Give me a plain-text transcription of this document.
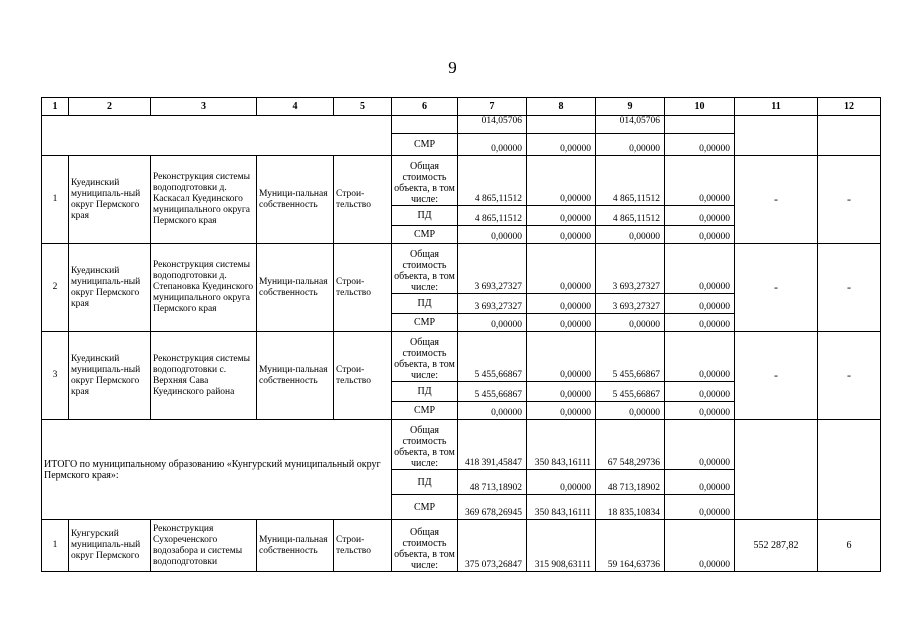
9
1	2	3	4	5	6	7	8	9	10	11	12
						014,05706		014,05706			
					СМР	0,00000	0,00000	0,00000	0,00000		
1	Куединский муниципаль-ный округ Пермского края	Реконструкция системы водоподготовки д. Каскасал Куединского муниципального округа Пермского края	Муници-пальная собственность	Строи-тельство	Общая стоимость объекта, в том числе:	4 865,11512	0,00000	4 865,11512	0,00000	-	-
					ПД	4 865,11512	0,00000	4 865,11512	0,00000		
					СМР	0,00000	0,00000	0,00000	0,00000		
2	Куединский муниципаль-ный округ Пермского края	Реконструкция системы водоподготовки д. Степановка Куединского муниципального округа Пермского края	Муници-пальная собственность	Строи-тельство	Общая стоимость объекта, в том числе:	3 693,27327	0,00000	3 693,27327	0,00000	-	-
					ПД	3 693,27327	0,00000	3 693,27327	0,00000		
					СМР	0,00000	0,00000	0,00000	0,00000		
3	Куединский муниципаль-ный округ Пермского края	Реконструкция системы водоподготовки с. Верхняя Сава Куединского района	Муници-пальная собственность	Строи-тельство	Общая стоимость объекта, в том числе:	5 455,66867	0,00000	5 455,66867	0,00000	-	-
					ПД	5 455,66867	0,00000	5 455,66867	0,00000		
					СМР	0,00000	0,00000	0,00000	0,00000		
ИТОГО по муниципальному образованию «Кунгурский муниципальный округ Пермского края»:					Общая стоимость объекта, в том числе:	418 391,45847	350 843,16111	67 548,29736	0,00000		
					ПД	48 713,18902	0,00000	48 713,18902	0,00000		
					СМР	369 678,26945	350 843,16111	18 835,10834	0,00000		
1	Кунгурский муниципаль-ный округ Пермского	Реконструкция Сухореченского водозабора и системы водоподготовки	Муници-пальная собственность	Строи-тельство	Общая стоимость объекта, в том числе:	375 073,26847	315 908,63111	59 164,63736	0,00000	552 287,82	6
